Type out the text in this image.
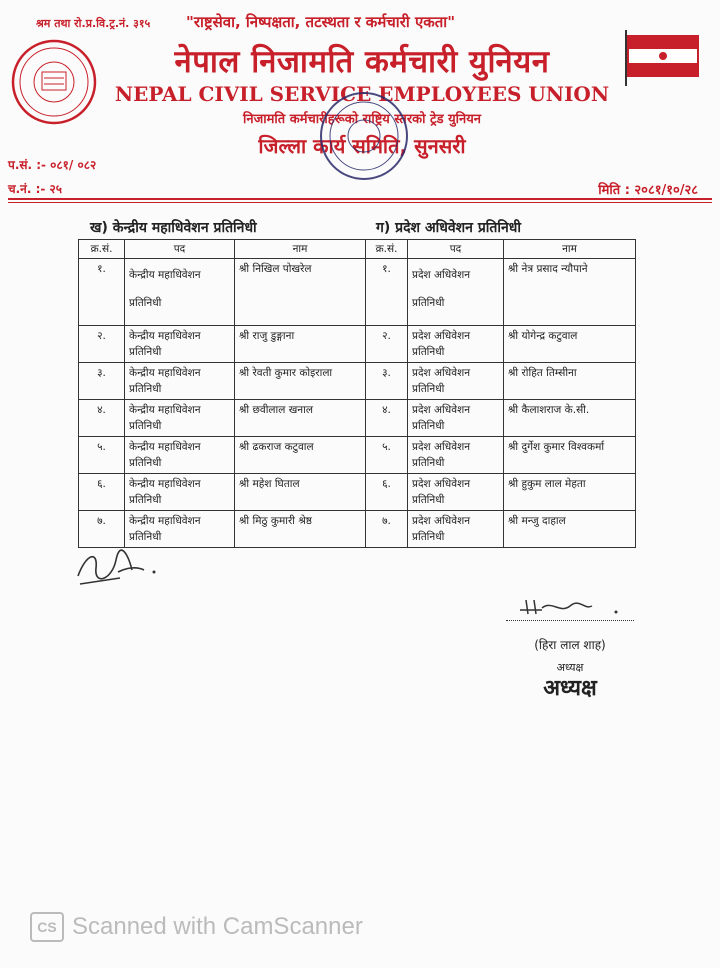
श्रम तथा रो.प्र.वि.ट्र.नं. ३१५ "राष्ट्रसेवा, निष्पक्षता, तटस्थता र कर्मचारी एकता"
नेपाल निजामति कर्मचारी युनियन
NEPAL CIVIL SERVICE EMPLOYEES UNION
निजामति कर्मचारीहरूको राष्ट्रिय स्तरको ट्रेड युनियन
जिल्ला कार्य समिति, सुनसरी
प.सं. :- ०८१/ ०८२
च.नं. :- २५	मिति : २०८१/१०/२८
ख) केन्द्रीय महाधिवेशन प्रतिनिधी	ग) प्रदेश अधिवेशन प्रतिनिधी
क्र.सं.	पद	नाम	क्र.सं.	पद	नाम
१.	केन्द्रीय महाधिवेशन प्रतिनिधी	श्री निखिल पोखरेल	१.	प्रदेश अधिवेशन प्रतिनिधी	श्री नेत्र प्रसाद न्यौपाने
२.	केन्द्रीय महाधिवेशन प्रतिनिधी	श्री राजु डुङ्गाना	२.	प्रदेश अधिवेशन प्रतिनिधी	श्री योगेन्द्र कटुवाल
३.	केन्द्रीय महाधिवेशन प्रतिनिधी	श्री रेवती कुमार कोइराला	३.	प्रदेश अधिवेशन प्रतिनिधी	श्री रोहित तिम्सीना
४.	केन्द्रीय महाधिवेशन प्रतिनिधी	श्री छवीलाल खनाल	४.	प्रदेश अधिवेशन प्रतिनिधी	श्री कैलाशराज के.सी.
५.	केन्द्रीय महाधिवेशन प्रतिनिधी	श्री ढकराज कटुवाल	५.	प्रदेश अधिवेशन प्रतिनिधी	श्री दुर्गेश कुमार विश्वकर्मा
६.	केन्द्रीय महाधिवेशन प्रतिनिधी	श्री महेश घिताल	६.	प्रदेश अधिवेशन प्रतिनिधी	श्री हुकुम लाल मेहता
७.	केन्द्रीय महाधिवेशन प्रतिनिधी	श्री मिठु कुमारी श्रेष्ठ	७.	प्रदेश अधिवेशन प्रतिनिधी	श्री मन्जु दाहाल
(हिरा लाल शाह)
अध्यक्ष
अध्यक्ष
CS Scanned with CamScanner
